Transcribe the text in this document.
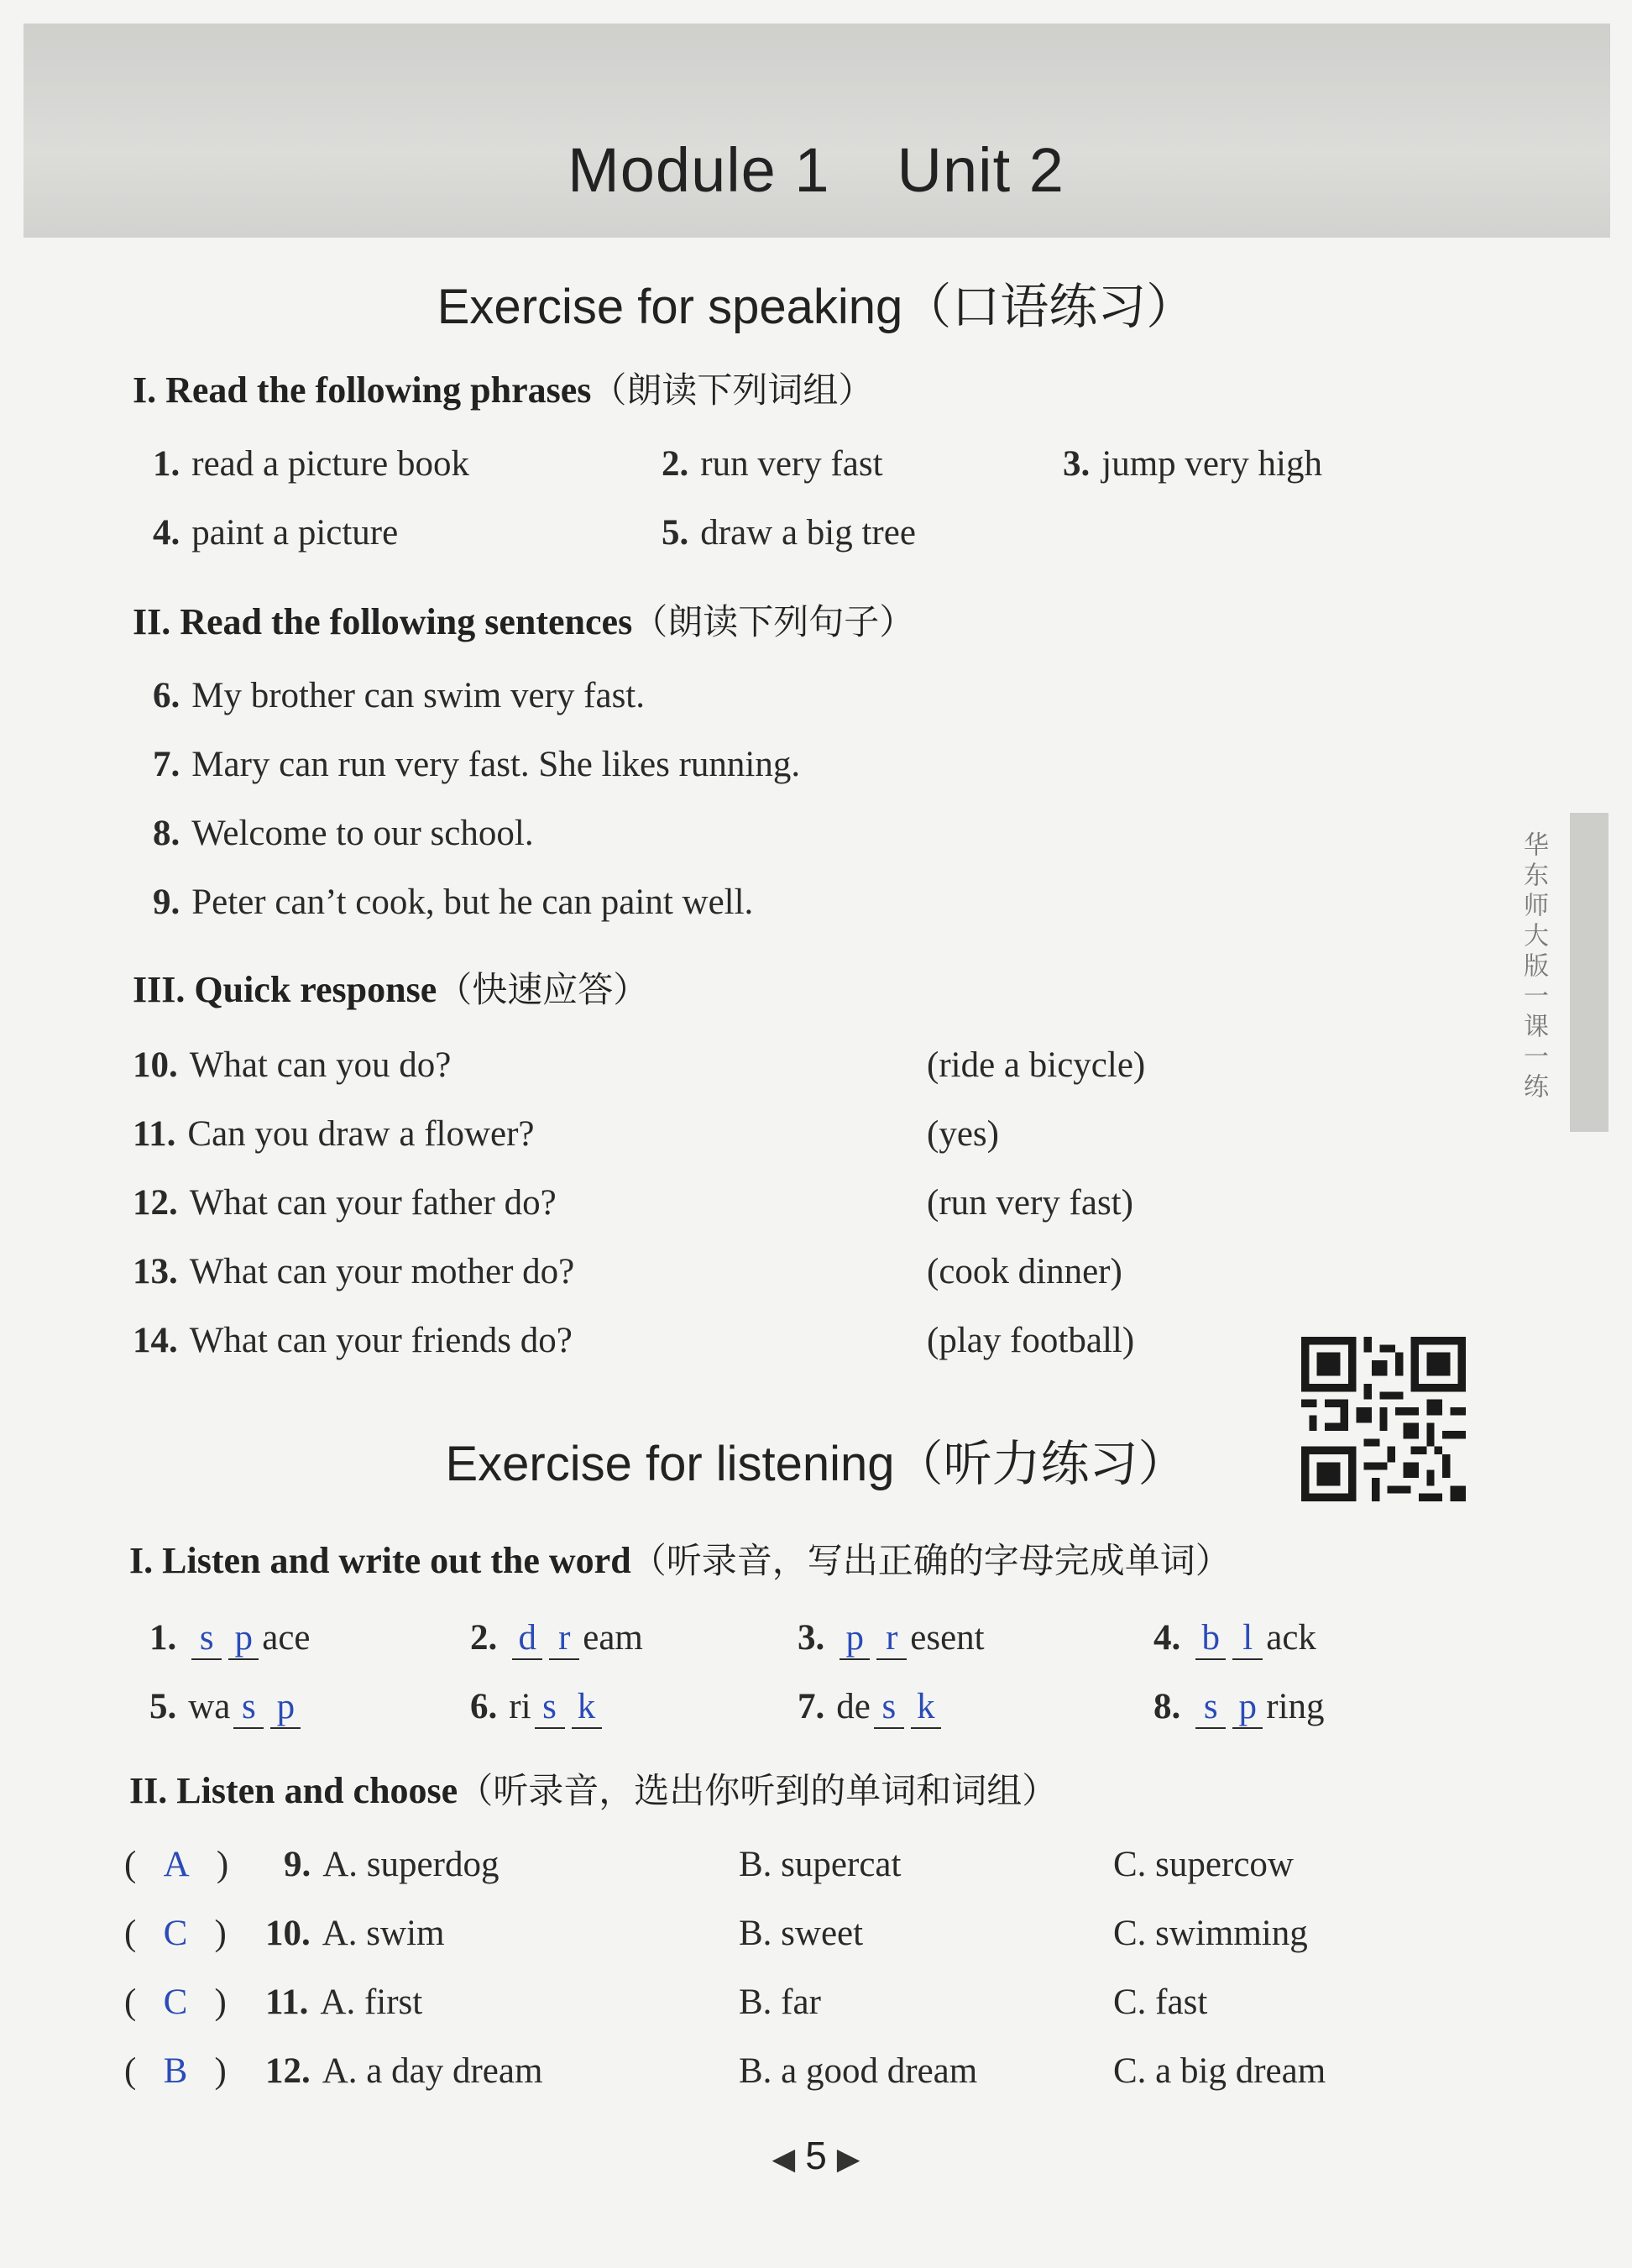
Module 1 Unit 2
Exercise for speaking（口语练习）
I. Read the following phrases（朗读下列词组）
1. read a picture book	2. run very fast	3. jump very high
4. paint a picture	5. draw a big tree
II. Read the following sentences（朗读下列句子）
6. My brother can swim very fast.
7. Mary can run very fast. She likes running.
8. Welcome to our school.
9. Peter can’t cook, but he can paint well.
III. Quick response（快速应答）
10. What can you do?	(ride a bicycle)
11. Can you draw a flower?	(yes)
12. What can your father do?	(run very fast)
13. What can your mother do?	(cook dinner)
14. What can your friends do?	(play football)
Exercise for listening（听力练习）
I. Listen and write out the word（听录音，写出正确的字母完成单词）
1. s p ace	2. d r eam	3. p r esent	4. b l ack
5. wa s p	6. ri s k	7. de s k	8. s p ring
II. Listen and choose（听录音，选出你听到的单词和词组）
(   A   ) 9. A. superdog	B. supercat	C. supercow
(   C   ) 10. A. swim	B. sweet	C. swimming
(   C   ) 11. A. first	B. far	C. fast
(   B   ) 12. A. a day dream	B. a good dream	C. a big dream
华东师大版一课一练
◀ 5 ▶
